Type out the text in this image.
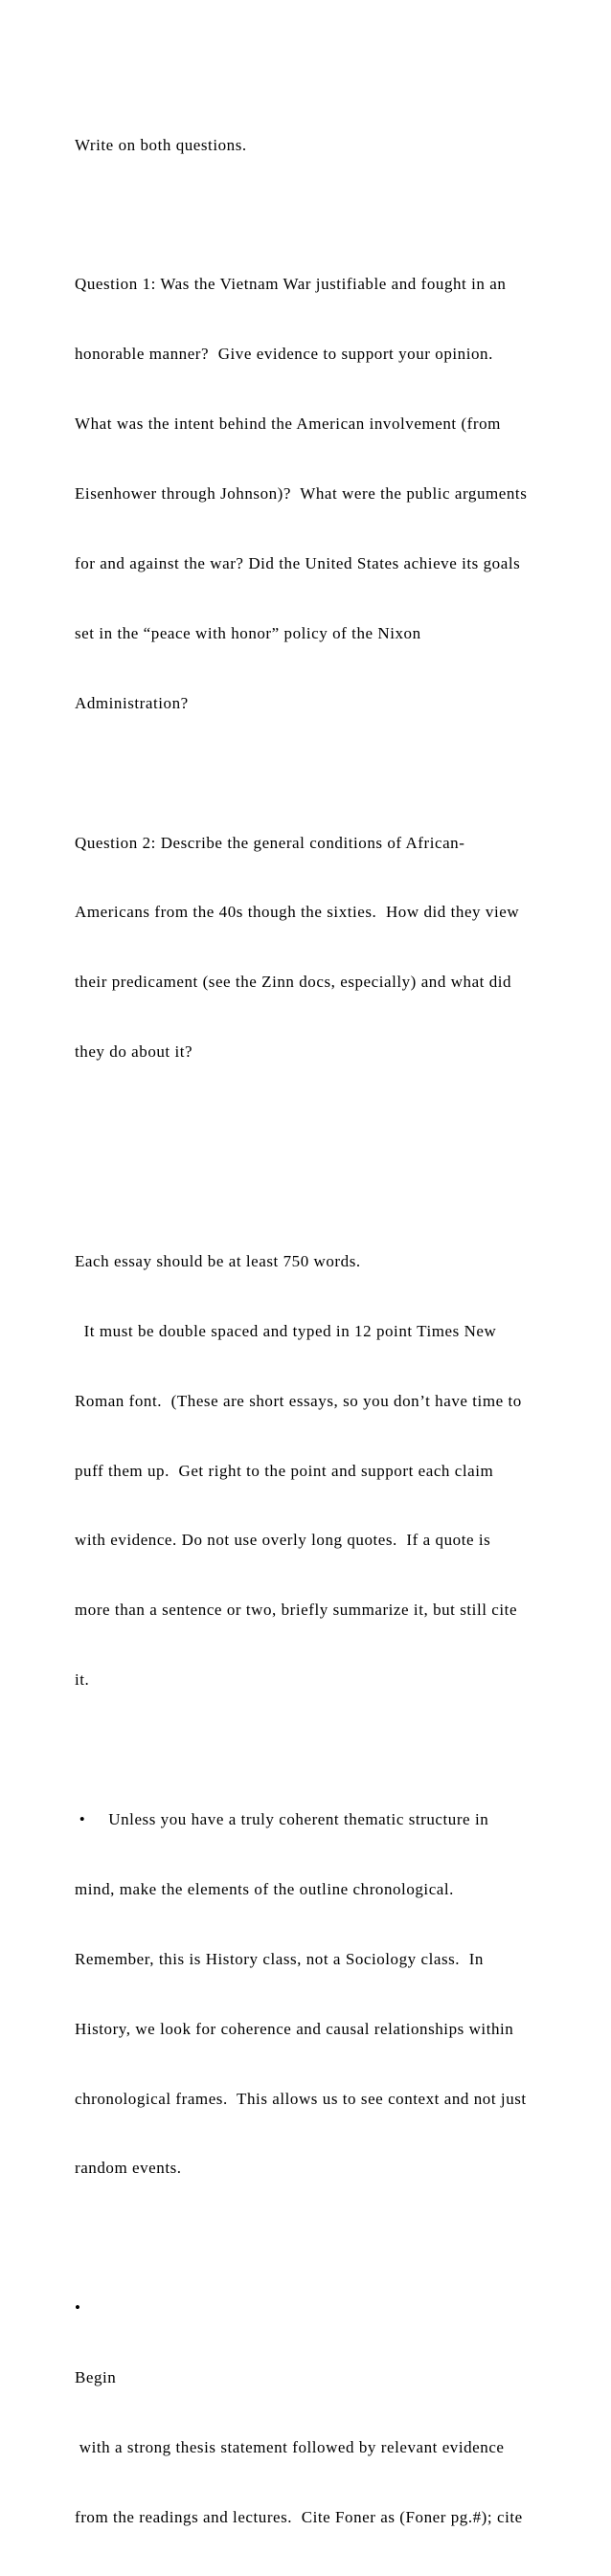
Write on both questions.

Question 1: Was the Vietnam War justifiable and fought in an

honorable manner?  Give evidence to support your opinion.

What was the intent behind the American involvement (from

Eisenhower through Johnson)?  What were the public arguments

for and against the war? Did the United States achieve its goals

set in the “peace with honor” policy of the Nixon

Administration?

Question 2: Describe the general conditions of African-

Americans from the 40s though the sixties.  How did they view

their predicament (see the Zinn docs, especially) and what did

they do about it?

Each essay should be at least 750 words.

It must be double spaced and typed in 12 point Times New

Roman font.  (These are short essays, so you don’t have time to

puff them up.  Get right to the point and support each claim

with evidence. Do not use overly long quotes.  If a quote is

more than a sentence or two, briefly summarize it, but still cite

it.

•     Unless you have a truly coherent thematic structure in

mind, make the elements of the outline chronological.

Remember, this is History class, not a Sociology class.  In

History, we look for coherence and causal relationships within

chronological frames.  This allows us to see context and not just

random events.

•

Begin

with a strong thesis statement followed by relevant evidence

from the readings and lectures.  Cite Foner as (Foner pg.#); cite
